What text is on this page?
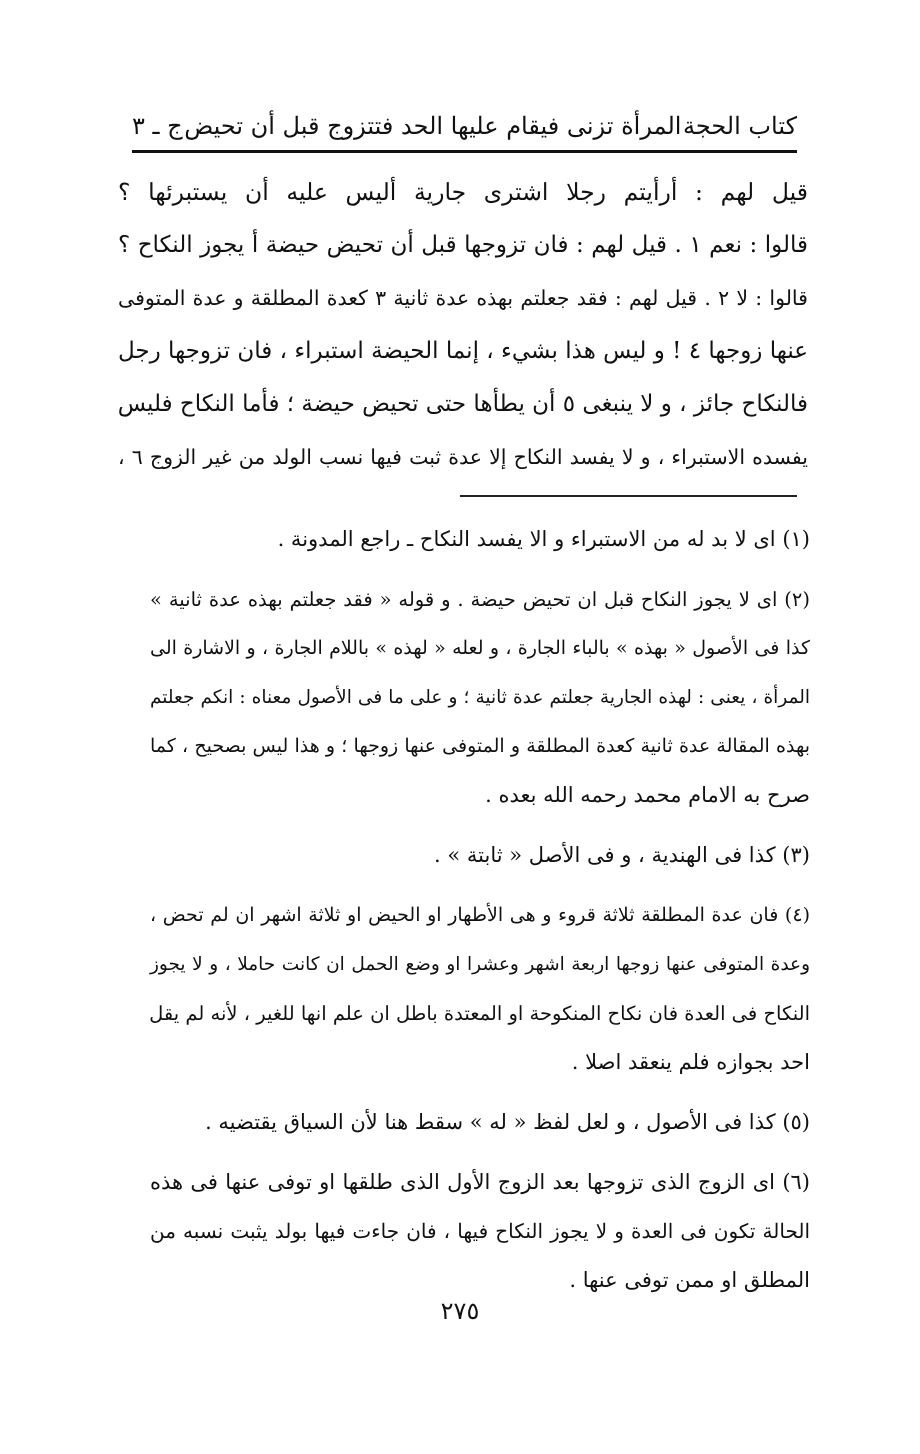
كتاب الحجة
المرأة تزنى فيقام عليها الحد فتتزوج قبل أن تحيض
ج ـ ٣
قيل لهم : أرأيتم رجلا اشترى جارية أليس عليه أن يستبرئها ؟
قالوا : نعم ١ . قيل لهم : فان تزوجها قبل أن تحيض حيضة أ يجوز النكاح ؟
قالوا : لا ٢ . قيل لهم : فقد جعلتم بهذه عدة ثانية ٣ كعدة المطلقة و عدة المتوفى
عنها زوجها ٤ ! و ليس هذا بشيء ، إنما الحيضة استبراء ، فان تزوجها رجل
فالنكاح جائز ، و لا ينبغى ٥ أن يطأها حتى تحيض حيضة ؛ فأما النكاح فليس
يفسده الاستبراء ، و لا يفسد النكاح إلا عدة ثبت فيها نسب الولد من غير الزوج ٦ ،
(١) اى لا بد له من الاستبراء و الا يفسد النكاح ـ راجع المدونة .
(٢) اى لا يجوز النكاح قبل ان تحيض حيضة . و قوله « فقد جعلتم بهذه عدة ثانية »
كذا فى الأصول « بهذه » بالباء الجارة ، و لعله « لهذه » باللام الجارة ، و الاشارة الى
المرأة ، يعنى : لهذه الجارية جعلتم عدة ثانية ؛ و على ما فى الأصول معناه : انكم جعلتم
بهذه المقالة عدة ثانية كعدة المطلقة و المتوفى عنها زوجها ؛ و هذا ليس بصحيح ، كما
صرح به الامام محمد رحمه الله بعده .
(٣) كذا فى الهندية ، و فى الأصل « ثابتة » .
(٤) فان عدة المطلقة ثلاثة قروء و هى الأطهار او الحيض او ثلاثة اشهر ان لم تحض ،
وعدة المتوفى عنها زوجها اربعة اشهر وعشرا او وضع الحمل ان كانت حاملا ، و لا يجوز
النكاح فى العدة فان نكاح المنكوحة او المعتدة باطل ان علم انها للغير ، لأنه لم يقل
احد بجوازه فلم ينعقد اصلا .
(٥) كذا فى الأصول ، و لعل لفظ « له » سقط هنا لأن السياق يقتضيه .
(٦) اى الزوج الذى تزوجها بعد الزوج الأول الذى طلقها او توفى عنها فى هذه
الحالة تكون فى العدة و لا يجوز النكاح فيها ، فان جاءت فيها بولد يثبت نسبه من
المطلق او ممن توفى عنها .
٢٧٥
